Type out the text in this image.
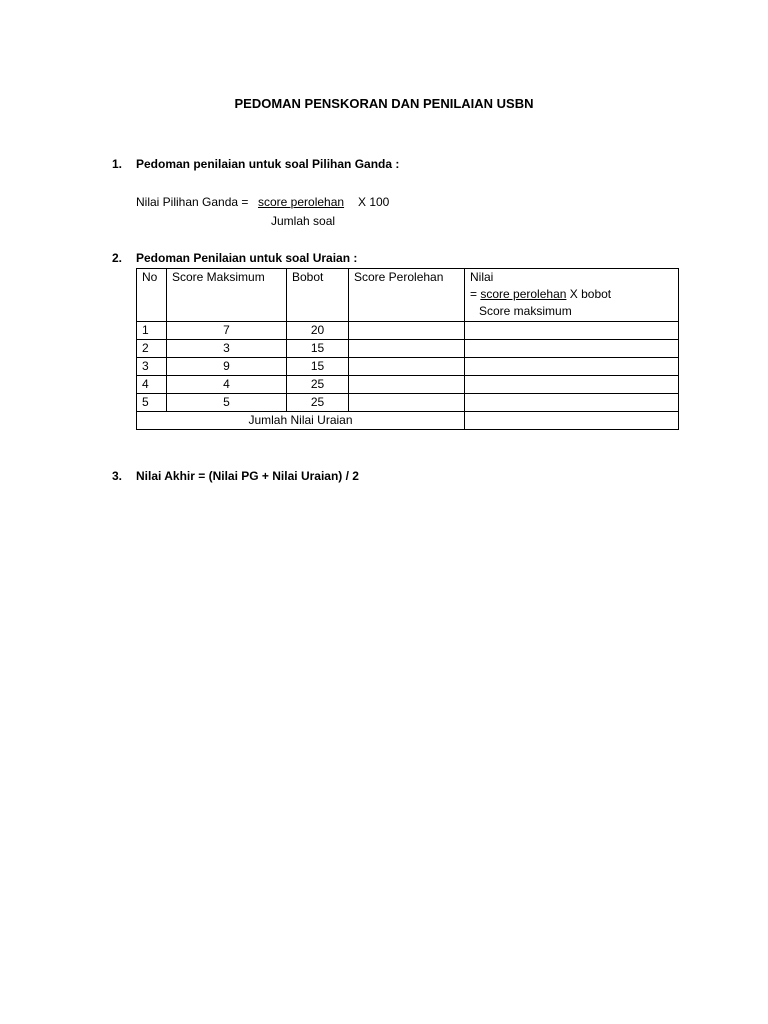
PEDOMAN PENSKORAN DAN PENILAIAN USBN
1. Pedoman penilaian untuk soal Pilihan Ganda :
Nilai Pilihan Ganda = score perolehan X 100
Jumlah soal
2. Pedoman Penilaian untuk soal Uraian :
No	Score Maksimum	Bobot	Score Perolehan	Nilai
= score perolehan X bobot
Score maksimum

1	7	20		
2	3	15		
3	9	15		
4	4	25		
5	5	25		
Jumlah Nilai Uraian				
3. Nilai Akhir = (Nilai PG + Nilai Uraian) / 2
